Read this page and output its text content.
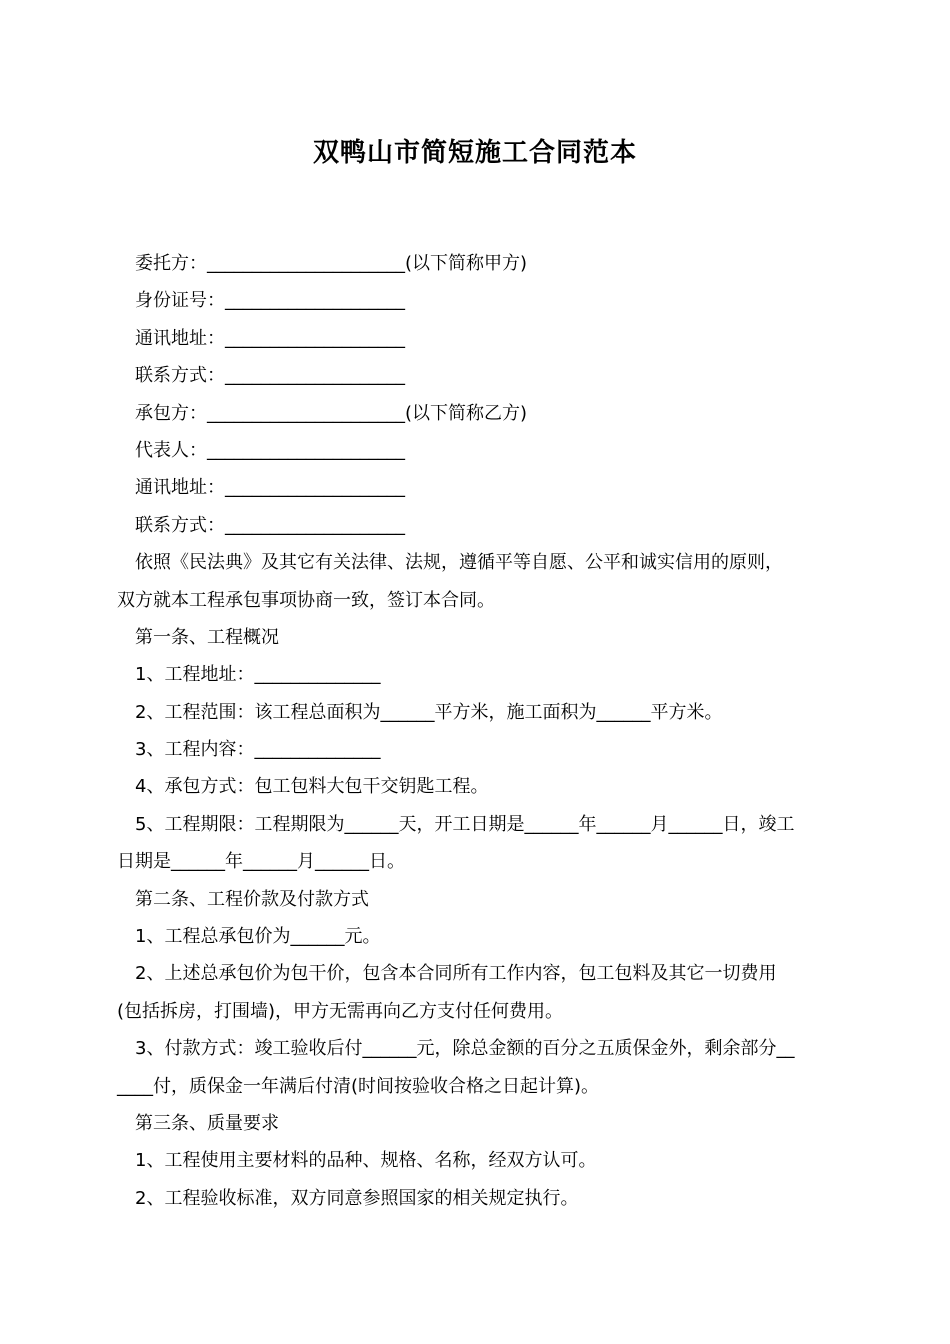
双鸭山市简短施工合同范本

委托方：______________________(以下简称甲方)

身份证号：____________________

通讯地址：____________________

联系方式：____________________

承包方：______________________(以下简称乙方)

代表人：______________________

通讯地址：____________________

联系方式：____________________

依照《民法典》及其它有关法律、法规，遵循平等自愿、公平和诚实信用的原则，

双方就本工程承包事项协商一致，签订本合同。

第一条、工程概况

1、工程地址：______________

2、工程范围：该工程总面积为______平方米，施工面积为______平方米。

3、工程内容：______________

4、承包方式：包工包料大包干交钥匙工程。

5、工程期限：工程期限为______天，开工日期是______年______月______日，竣工

日期是______年______月______日。

第二条、工程价款及付款方式

1、工程总承包价为______元。

2、上述总承包价为包干价，包含本合同所有工作内容，包工包料及其它一切费用

(包括拆房，打围墙)，甲方无需再向乙方支付任何费用。

3、付款方式：竣工验收后付______元，除总金额的百分之五质保金外，剩余部分__

____付，质保金一年满后付清(时间按验收合格之日起计算)。

第三条、质量要求

1、工程使用主要材料的品种、规格、名称，经双方认可。

2、工程验收标准，双方同意参照国家的相关规定执行。
